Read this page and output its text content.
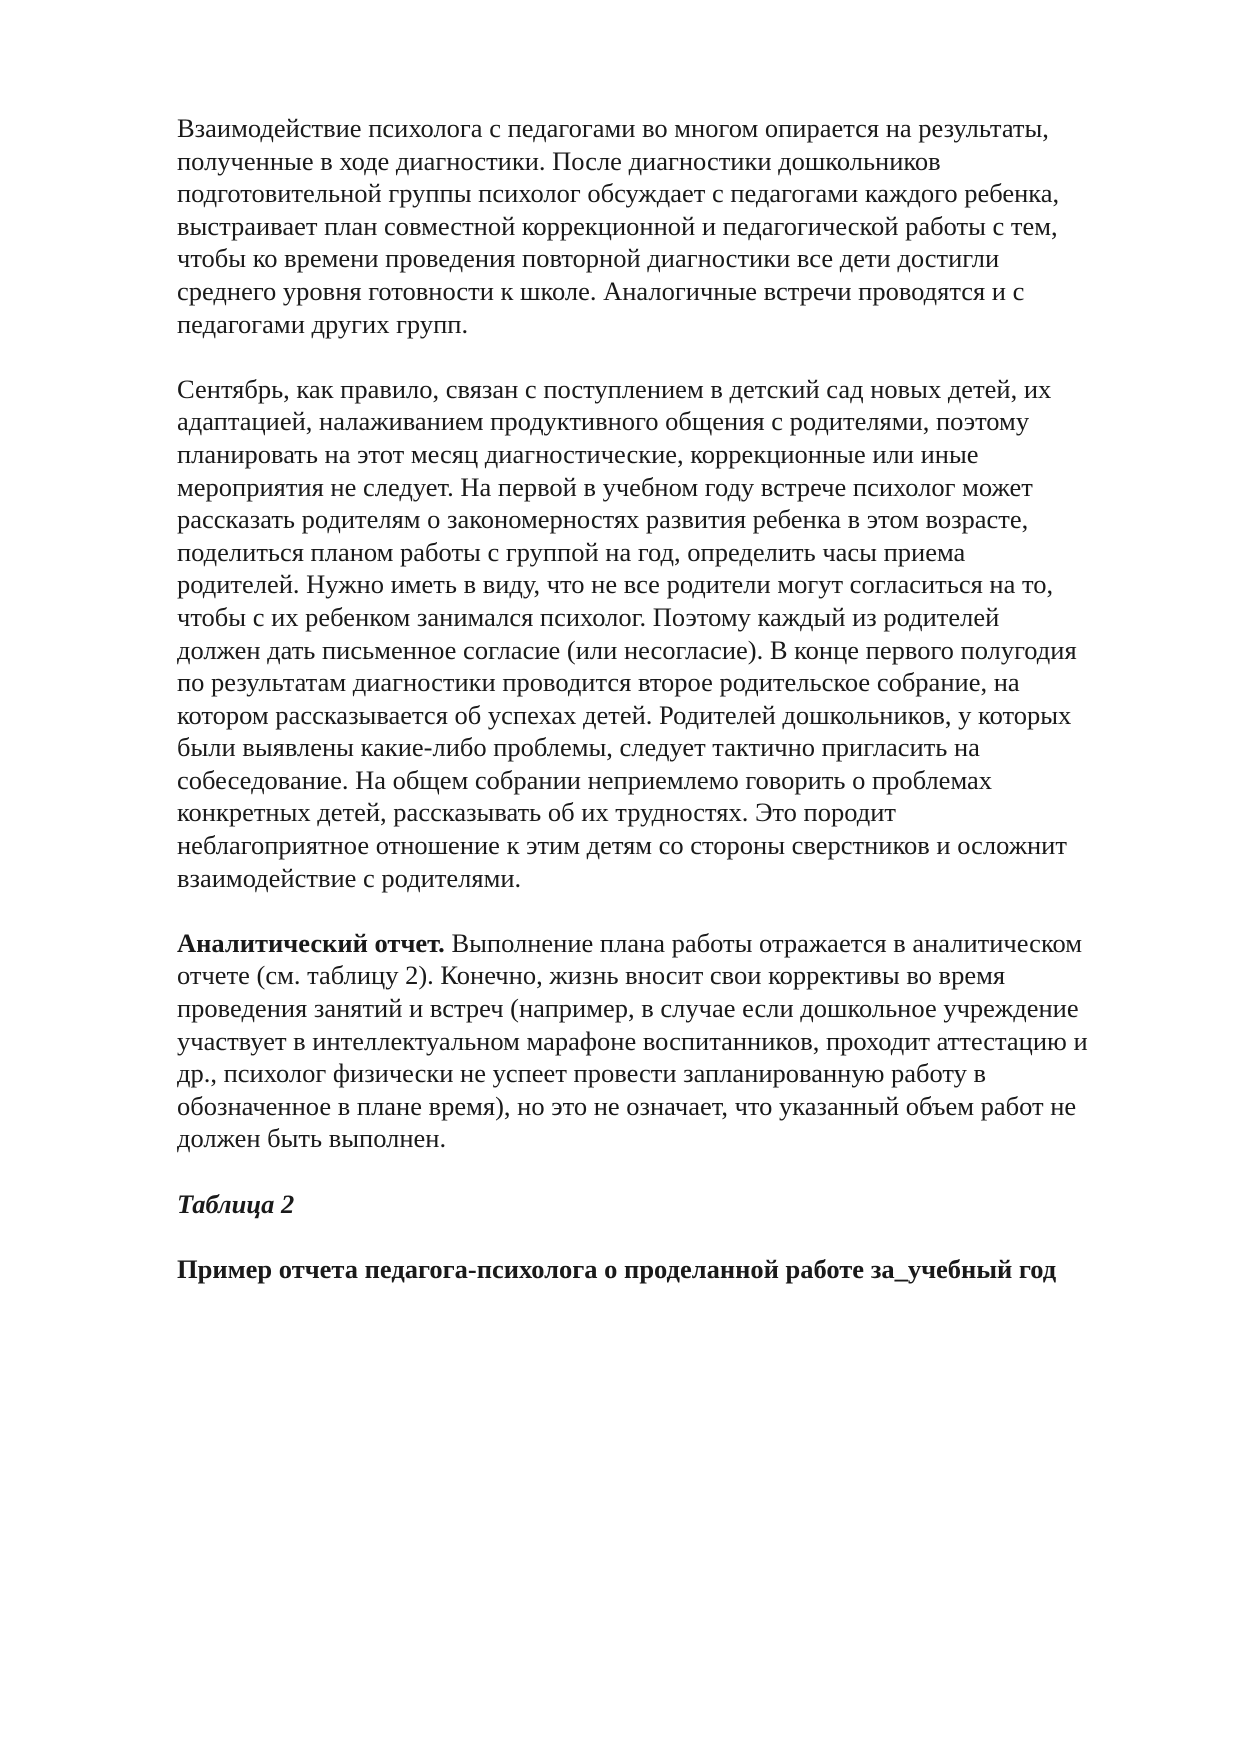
Взаимодействие психолога с педагогами во многом опирается на результаты,
полученные в ходе диагностики. После диагностики дошкольников
подготовительной группы психолог обсуждает с педагогами каждого ребенка,
выстраивает план совместной коррекционной и педагогической работы с тем,
чтобы ко времени проведения повторной диагностики все дети достигли
среднего уровня готовности к школе. Аналогичные встречи проводятся и с
педагогами других групп.

Сентябрь, как правило, связан с поступлением в детский сад новых детей, их
адаптацией, налаживанием продуктивного общения с родителями, поэтому
планировать на этот месяц диагностические, коррекционные или иные
мероприятия не следует. На первой в учебном году встрече психолог может
рассказать родителям о закономерностях развития ребенка в этом возрасте,
поделиться планом работы с группой на год, определить часы приема
родителей. Нужно иметь в виду, что не все родители могут согласиться на то,
чтобы с их ребенком занимался психолог. Поэтому каждый из родителей
должен дать письменное согласие (или несогласие). В конце первого полугодия
по результатам диагностики проводится второе родительское собрание, на
котором рассказывается об успехах детей. Родителей дошкольников, у которых
были выявлены какие-либо проблемы, следует тактично пригласить на
собеседование. На общем собрании неприемлемо говорить о проблемах
конкретных детей, рассказывать об их трудностях. Это породит
неблагоприятное отношение к этим детям со стороны сверстников и осложнит
взаимодействие с родителями.

Аналитический отчет. Выполнение плана работы отражается в аналитическом
отчете (см. таблицу 2). Конечно, жизнь вносит свои коррективы во время
проведения занятий и встреч (например, в случае если дошкольное учреждение
участвует в интеллектуальном марафоне воспитанников, проходит аттестацию и
др., психолог физически не успеет провести запланированную работу в
обозначенное в плане время), но это не означает, что указанный объем работ не
должен быть выполнен.

Таблица 2

Пример отчета педагога-психолога о проделанной работе за_учебный год
